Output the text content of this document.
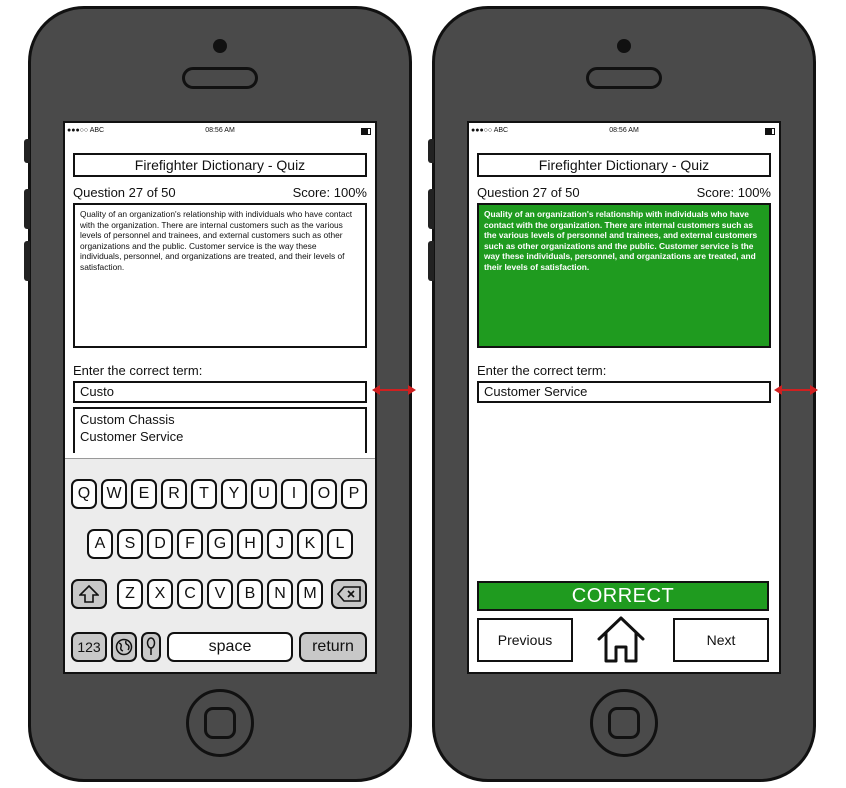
●●●○○ ABC	08:56 AM
Firefighter Dictionary - Quiz
Question 27 of 50	Score: 100%
Quality of an organization's relationship with individuals who have contact with the organization. There are internal customers such as the various levels of personnel and trainees, and external customers such as other organizations and the public. Customer service is the way these individuals, personnel, and organizations are treated, and their levels of satisfaction.
Enter the correct term:
Custo
Custom Chassis
Customer Service
Q	W	E	R	T	Y	U	I	O	P
A	S	D	F	G	H	J	K	L
Z	X	C	V	B	N	M
123	space	return
●●●○○ ABC	08:56 AM
Firefighter Dictionary - Quiz
Question 27 of 50	Score: 100%
Quality of an organization's relationship with individuals who have contact with the organization. There are internal customers such as the various levels of personnel and trainees, and external customers such as other organizations and the public. Customer service is the way these individuals, personnel, and organizations are treated, and their levels of satisfaction.
Enter the correct term:
Customer Service
CORRECT
Previous	Next
